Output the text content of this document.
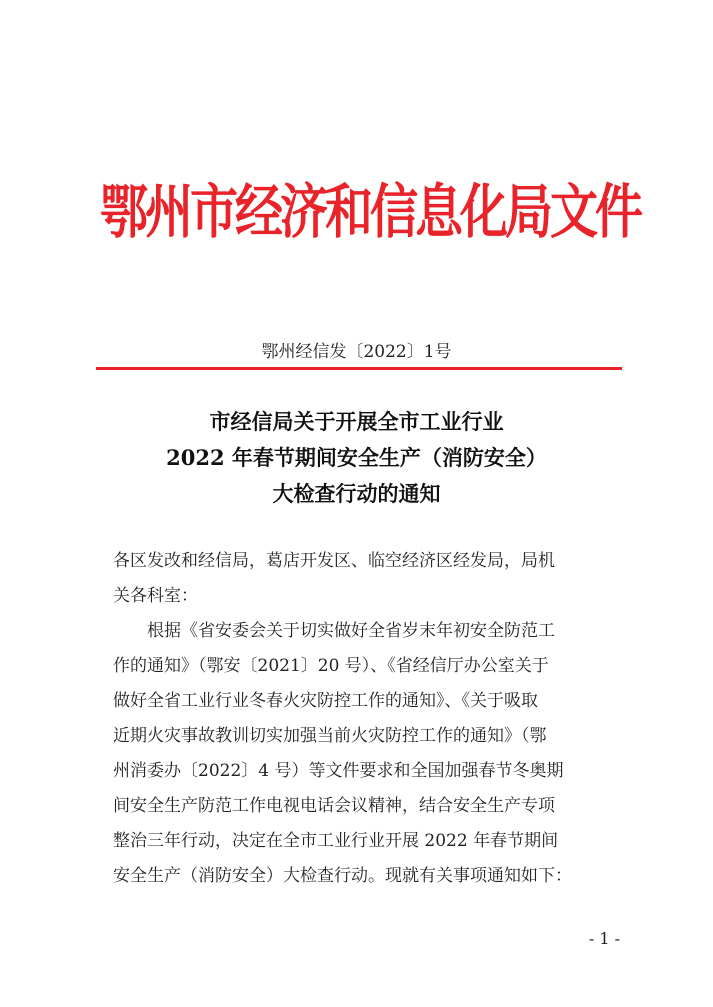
鄂州市经济和信息化局文件
鄂州经信发〔2022〕1号
市经信局关于开展全市工业行业
2022 年春节期间安全生产（消防安全）
大检查行动的通知
各区发改和经信局，葛店开发区、临空经济区经发局，局机
关各科室：
根据《省安委会关于切实做好全省岁末年初安全防范工
作的通知》（鄂安〔2021〕20 号）、《省经信厅办公室关于
做好全省工业行业冬春火灾防控工作的通知》、《关于吸取
近期火灾事故教训切实加强当前火灾防控工作的通知》（鄂
州消委办〔2022〕4 号）等文件要求和全国加强春节冬奥期
间安全生产防范工作电视电话会议精神，结合安全生产专项
整治三年行动，决定在全市工业行业开展 2022 年春节期间
安全生产（消防安全）大检查行动。现就有关事项通知如下：
- 1 -
